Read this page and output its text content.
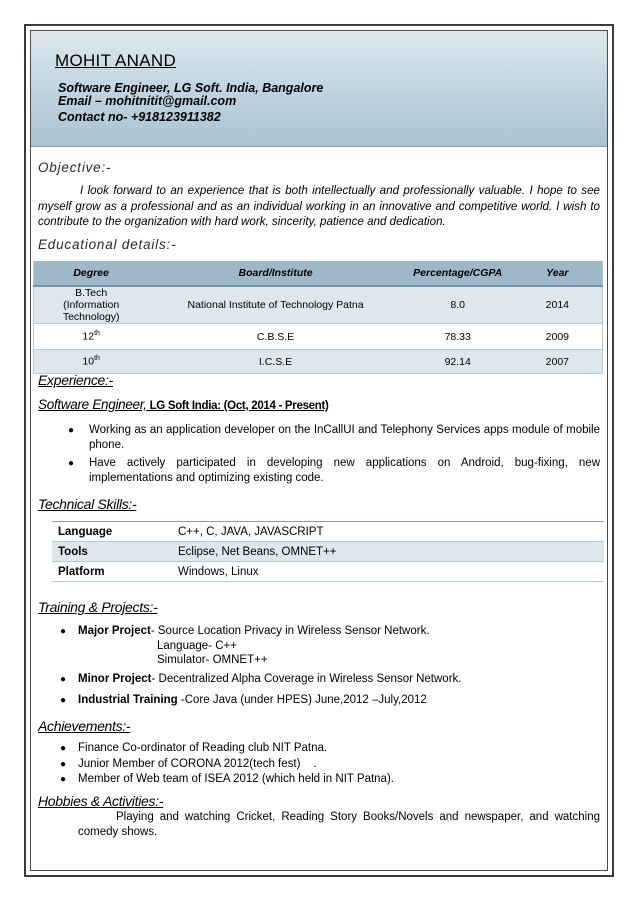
MOHIT ANAND
Software Engineer, LG Soft. India, Bangalore
Email – mohitnitit@gmail.com
Contact no- +918123911382
Objective:-
I look forward to an experience that is both intellectually and professionally valuable. I hope to see myself grow as a professional and as an individual working in an innovative and competitive world. I wish to contribute to the organization with hard work, sincerity, patience and dedication.
Educational details:-
Degree	Board/Institute	Percentage/CGPA	Year

B.Tech
(Information Technology)	National Institute of Technology Patna	8.0	2014
12th	C.B.S.E	78.33	2009
10th	I.C.S.E	92.14	2007
Experience:-
Software Engineer, LG Soft India: (Oct, 2014 - Present)
● Working as an application developer on the InCallUI and Telephony Services apps module of mobile phone.
● Have actively participated in developing new applications on Android, bug-fixing, new implementations and optimizing existing code.
Technical Skills:-
Language	C++, C, JAVA, JAVASCRIPT
Tools	Eclipse, Net Beans, OMNET++
Platform	Windows, Linux
Training & Projects:-
● Major Project- Source Location Privacy in Wireless Sensor Network.
Language- C++
Simulator- OMNET++
● Minor Project- Decentralized Alpha Coverage in Wireless Sensor Network.
● Industrial Training -Core Java (under HPES) June,2012 –July,2012
Achievements:-
● Finance Co-ordinator of Reading club NIT Patna.
● Junior Member of CORONA 2012(tech fest)    .
● Member of Web team of ISEA 2012 (which held in NIT Patna).
Hobbies & Activities:-
Playing and watching Cricket, Reading Story Books/Novels and newspaper, and watching comedy shows.
